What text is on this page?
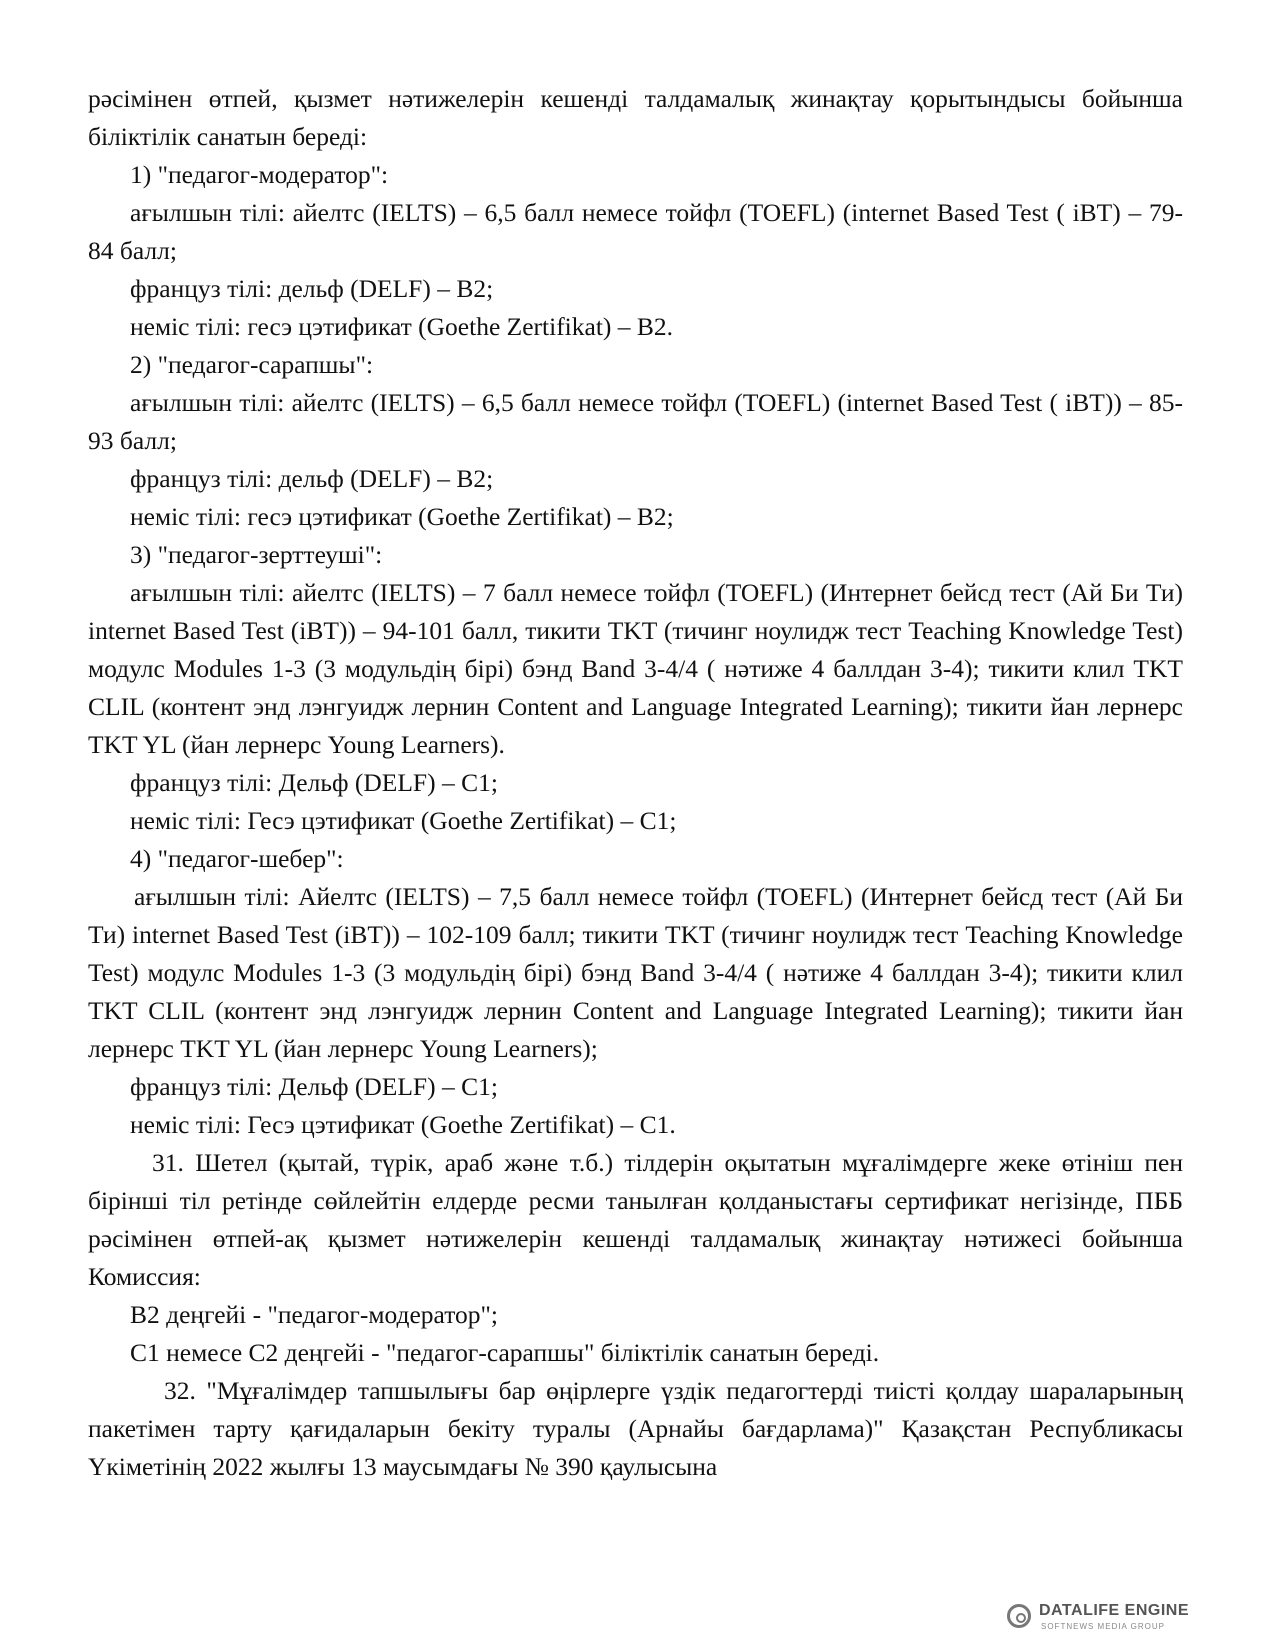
рәсімінен өтпей, қызмет нәтижелерін кешенді талдамалық жинақтау қорытындысы бойынша біліктілік санатын береді:

1) "педагог-модератор":

ағылшын тілі: айелтс (IELTS) – 6,5 балл немесе тойфл (TOEFL) (internet Based Test ( iBT) – 79-84 балл;

француз тілі: дельф (DELF) – B2;

неміс тілі: гесэ цэтификат (Goethe Zertifikat) – B2.

2) "педагог-сарапшы":

ағылшын тілі: айелтс (IELTS) – 6,5 балл немесе тойфл (TOEFL) (internet Based Test ( iBT)) – 85-93 балл;

француз тілі: дельф (DELF) – B2;

неміс тілі: гесэ цэтификат (Goethe Zertifikat) – B2;

3) "педагог-зерттеуші":

ағылшын тілі: айелтс (IELTS) – 7 балл немесе тойфл (TOEFL) (Интернет бейсд тест (Ай Би Ти) internet Based Test (iBT)) – 94-101 балл, тикити TKT (тичинг ноулидж тест Teaching Knowledge Test) модулс Modules 1-3 (3 модульдің бірі) бэнд Band 3-4/4 ( нәтиже 4 баллдан 3-4); тикити клил TKT CLIL (контент энд лэнгуидж лернин Content and Language Integrated Learning); тикити йан лернерс TKT YL (йан лернерс Young Learners).

француз тілі: Дельф (DELF) – C1;

неміс тілі: Гесэ цэтификат (Goethe Zertifikat) – C1;

4) "педагог-шебер":

ағылшын тілі: Айелтс (IELTS) – 7,5 балл немесе тойфл (TOEFL) (Интернет бейсд тест (Ай Би Ти) internet Based Test (iBT)) – 102-109 балл; тикити TKT (тичинг ноулидж тест Teaching Knowledge Test) модулс Modules 1-3 (3 модульдің бірі) бэнд Band 3-4/4 ( нәтиже 4 баллдан 3-4); тикити клил TKT CLIL (контент энд лэнгуидж лернин Content and Language Integrated Learning); тикити йан лернерс TKT YL (йан лернерс Young Learners);

француз тілі: Дельф (DELF) – C1;

неміс тілі: Гесэ цэтификат (Goethe Zertifikat) – C1.

31. Шетел (қытай, түрік, араб және т.б.) тілдерін оқытатын мұғалімдерге жеке өтініш пен бірінші тіл ретінде сөйлейтін елдерде ресми танылған қолданыстағы сертификат негізінде, ПББ рәсімінен өтпей-ақ қызмет нәтижелерін кешенді талдамалық жинақтау нәтижесі бойынша Комиссия:

B2 деңгейі - "педагог-модератор";

C1 немесе C2 деңгейі - "педагог-сарапшы" біліктілік санатын береді.

32. "Мұғалімдер тапшылығы бар өңірлерге үздік педагогтерді тиісті қолдау шараларының пакетімен тарту қағидаларын бекіту туралы (Арнайы бағдарлама)" Қазақстан Республикасы Үкіметінің 2022 жылғы 13 маусымдағы № 390 қаулысына

DATALIFE ENGINE
SOFTNEWS MEDIA GROUP
